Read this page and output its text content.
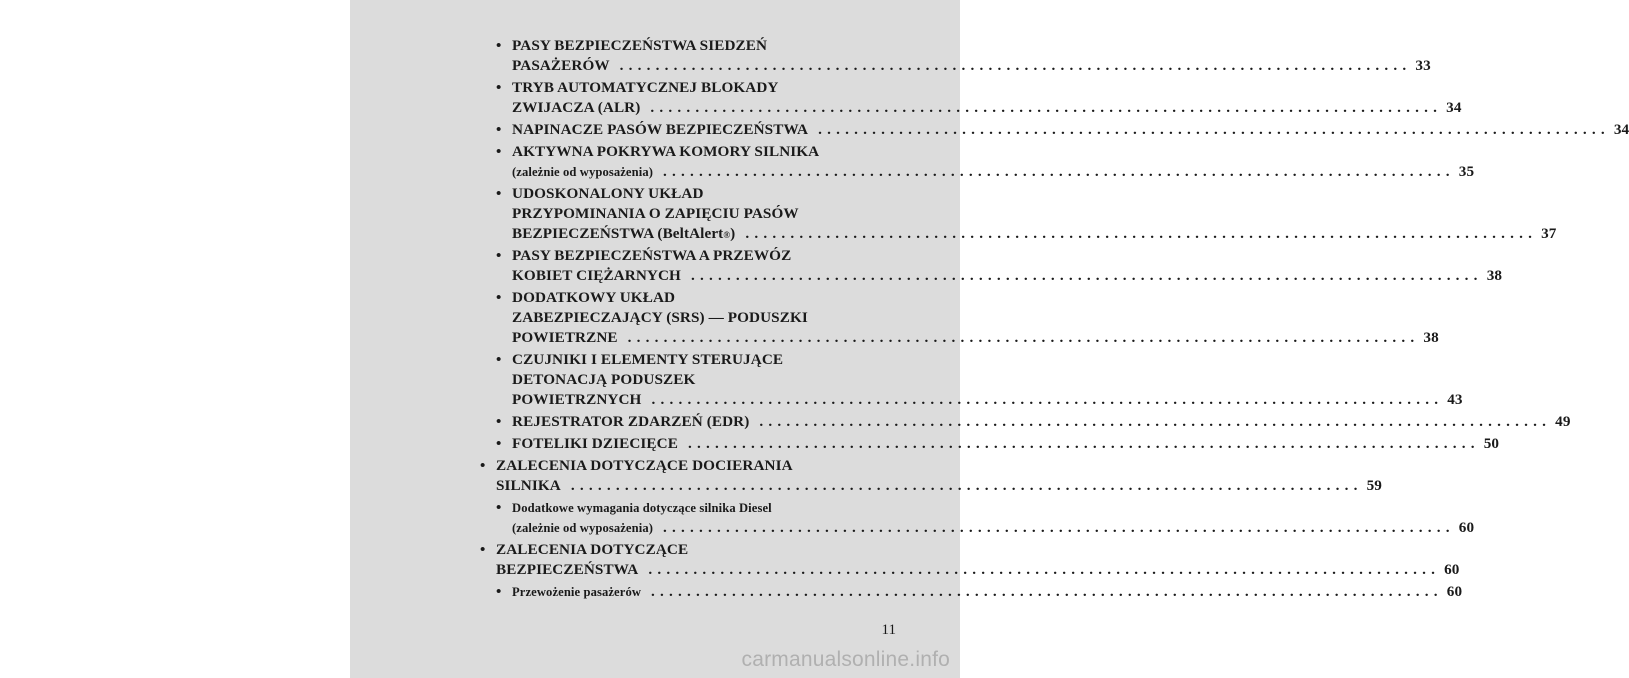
• PASY BEZPIECZEŃSTWA SIEDZEŃ
PASAŻERÓW ........................................................................................ 33
• TRYB AUTOMATYCZNEJ BLOKADY
ZWIJACZA (ALR) ........................................................................................ 34
• NAPINACZE PASÓW BEZPIECZEŃSTWA ........................................................................................ 34
• AKTYWNA POKRYWA KOMORY SILNIKA
(zależnie od wyposażenia) ........................................................................................ 35
• UDOSKONALONY UKŁAD
PRZYPOMINANIA O ZAPIĘCIU PASÓW
BEZPIECZEŃSTWA (BeltAlert ® ) ........................................................................................ 37
• PASY BEZPIECZEŃSTWA A PRZEWÓZ
KOBIET CIĘŻARNYCH ........................................................................................ 38
• DODATKOWY UKŁAD
ZABEZPIECZAJĄCY (SRS) — PODUSZKI
POWIETRZNE ........................................................................................ 38
• CZUJNIKI I ELEMENTY STERUJĄCE
DETONACJĄ PODUSZEK
POWIETRZNYCH ........................................................................................ 43
• REJESTRATOR ZDARZEŃ (EDR) ........................................................................................ 49
• FOTELIKI DZIECIĘCE ........................................................................................ 50
• ZALECENIA DOTYCZĄCE DOCIERANIA
SILNIKA ........................................................................................ 59
• Dodatkowe wymagania dotyczące silnika Diesel
(zależnie od wyposażenia) ........................................................................................ 60
• ZALECENIA DOTYCZĄCE
BEZPIECZEŃSTWA ........................................................................................ 60
• Przewożenie pasażerów ........................................................................................ 60
11
carmanualsonline.info
